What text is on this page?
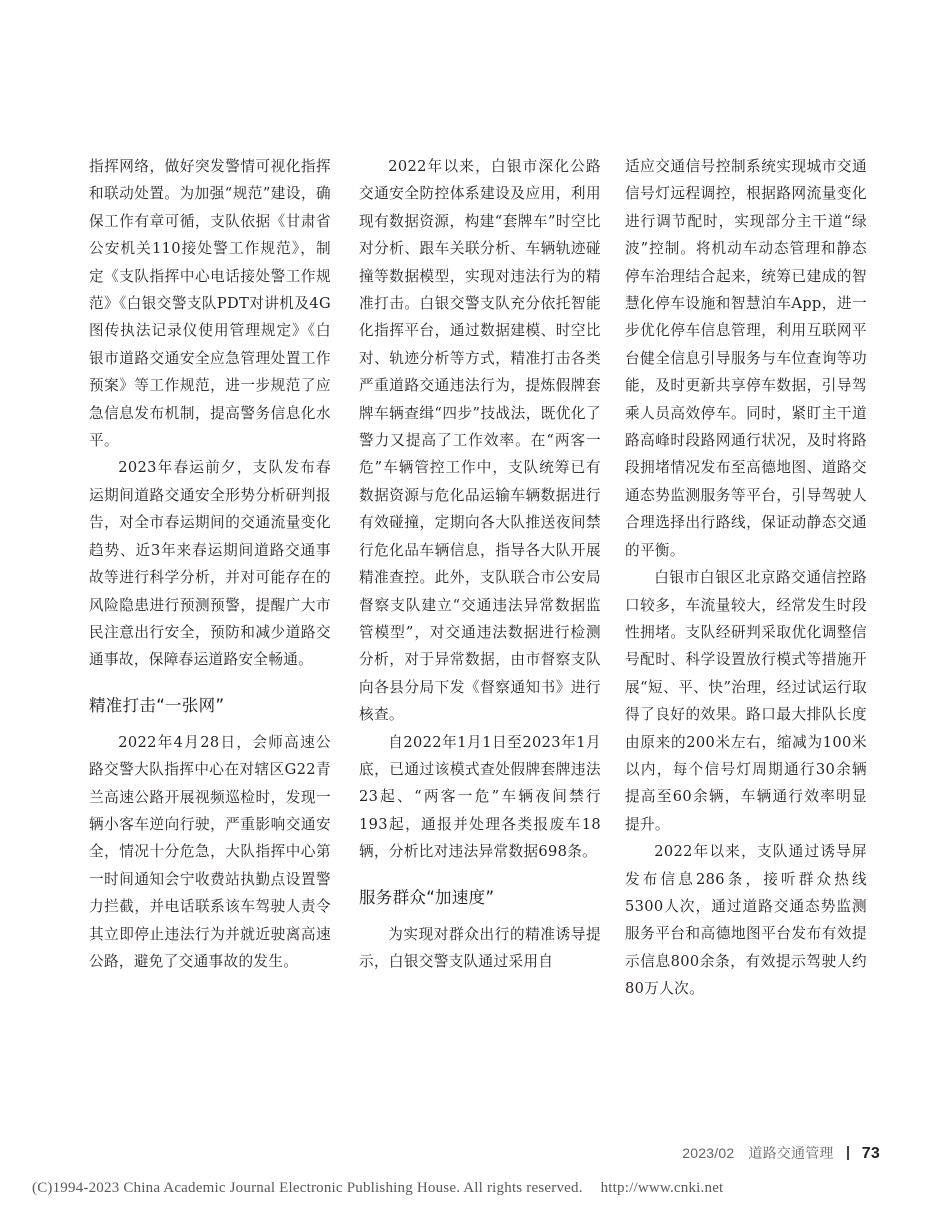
指挥网络，做好突发警情可视化指挥和联动处置。为加强“规范”建设，确保工作有章可循，支队依据《甘肃省公安机关110接处警工作规范》，制定《支队指挥中心电话接处警工作规范》《白银交警支队PDT对讲机及4G图传执法记录仪使用管理规定》《白银市道路交通安全应急管理处置工作预案》等工作规范，进一步规范了应急信息发布机制，提高警务信息化水平。

2023年春运前夕，支队发布春运期间道路交通安全形势分析研判报告，对全市春运期间的交通流量变化趋势、近3年来春运期间道路交通事故等进行科学分析，并对可能存在的风险隐患进行预测预警，提醒广大市民注意出行安全，预防和减少道路交通事故，保障春运道路安全畅通。

精准打击“一张网”

2022年4月28日，会师高速公路交警大队指挥中心在对辖区G22青兰高速公路开展视频巡检时，发现一辆小客车逆向行驶，严重影响交通安全，情况十分危急，大队指挥中心第一时间通知会宁收费站执勤点设置警力拦截，并电话联系该车驾驶人责令其立即停止违法行为并就近驶离高速公路，避免了交通事故的发生。

2022年以来，白银市深化公路交通安全防控体系建设及应用，利用现有数据资源，构建“套牌车”时空比对分析、跟车关联分析、车辆轨迹碰撞等数据模型，实现对违法行为的精准打击。白银交警支队充分依托智能化指挥平台，通过数据建模、时空比对、轨迹分析等方式，精准打击各类严重道路交通违法行为，提炼假牌套牌车辆查缉“四步”技战法，既优化了警力又提高了工作效率。在“两客一危”车辆管控工作中，支队统筹已有数据资源与危化品运输车辆数据进行有效碰撞，定期向各大队推送夜间禁行危化品车辆信息，指导各大队开展精准查控。此外，支队联合市公安局督察支队建立“交通违法异常数据监管模型”，对交通违法数据进行检测分析，对于异常数据，由市督察支队向各县分局下发《督察通知书》进行核查。

自2022年1月1日至2023年1月底，已通过该模式查处假牌套牌违法23起、“两客一危”车辆夜间禁行193起，通报并处理各类报废车18辆，分析比对违法异常数据698条。

服务群众“加速度”

为实现对群众出行的精准诱导提示，白银交警支队通过采用自

适应交通信号控制系统实现城市交通信号灯远程调控，根据路网流量变化进行调节配时，实现部分主干道“绿波”控制。将机动车动态管理和静态停车治理结合起来，统筹已建成的智慧化停车设施和智慧泊车App，进一步优化停车信息管理，利用互联网平台健全信息引导服务与车位查询等功能，及时更新共享停车数据，引导驾乘人员高效停车。同时，紧盯主干道路高峰时段路网通行状况，及时将路段拥堵情况发布至高德地图、道路交通态势监测服务等平台，引导驾驶人合理选择出行路线，保证动静态交通的平衡。

白银市白银区北京路交通信控路口较多，车流量较大，经常发生时段性拥堵。支队经研判采取优化调整信号配时、科学设置放行模式等措施开展“短、平、快”治理，经过试运行取得了良好的效果。路口最大排队长度由原来的200米左右，缩减为100米以内，每个信号灯周期通行30余辆提高至60余辆，车辆通行效率明显提升。

2022年以来，支队通过诱导屏发布信息286条，接听群众热线5300人次，通过道路交通态势监测服务平台和高德地图平台发布有效提示信息800余条，有效提示驾驶人约80万人次。

2023/02 道路交通管理 73
(C)1994-2023 China Academic Journal Electronic Publishing House. All rights reserved. http://www.cnki.net
